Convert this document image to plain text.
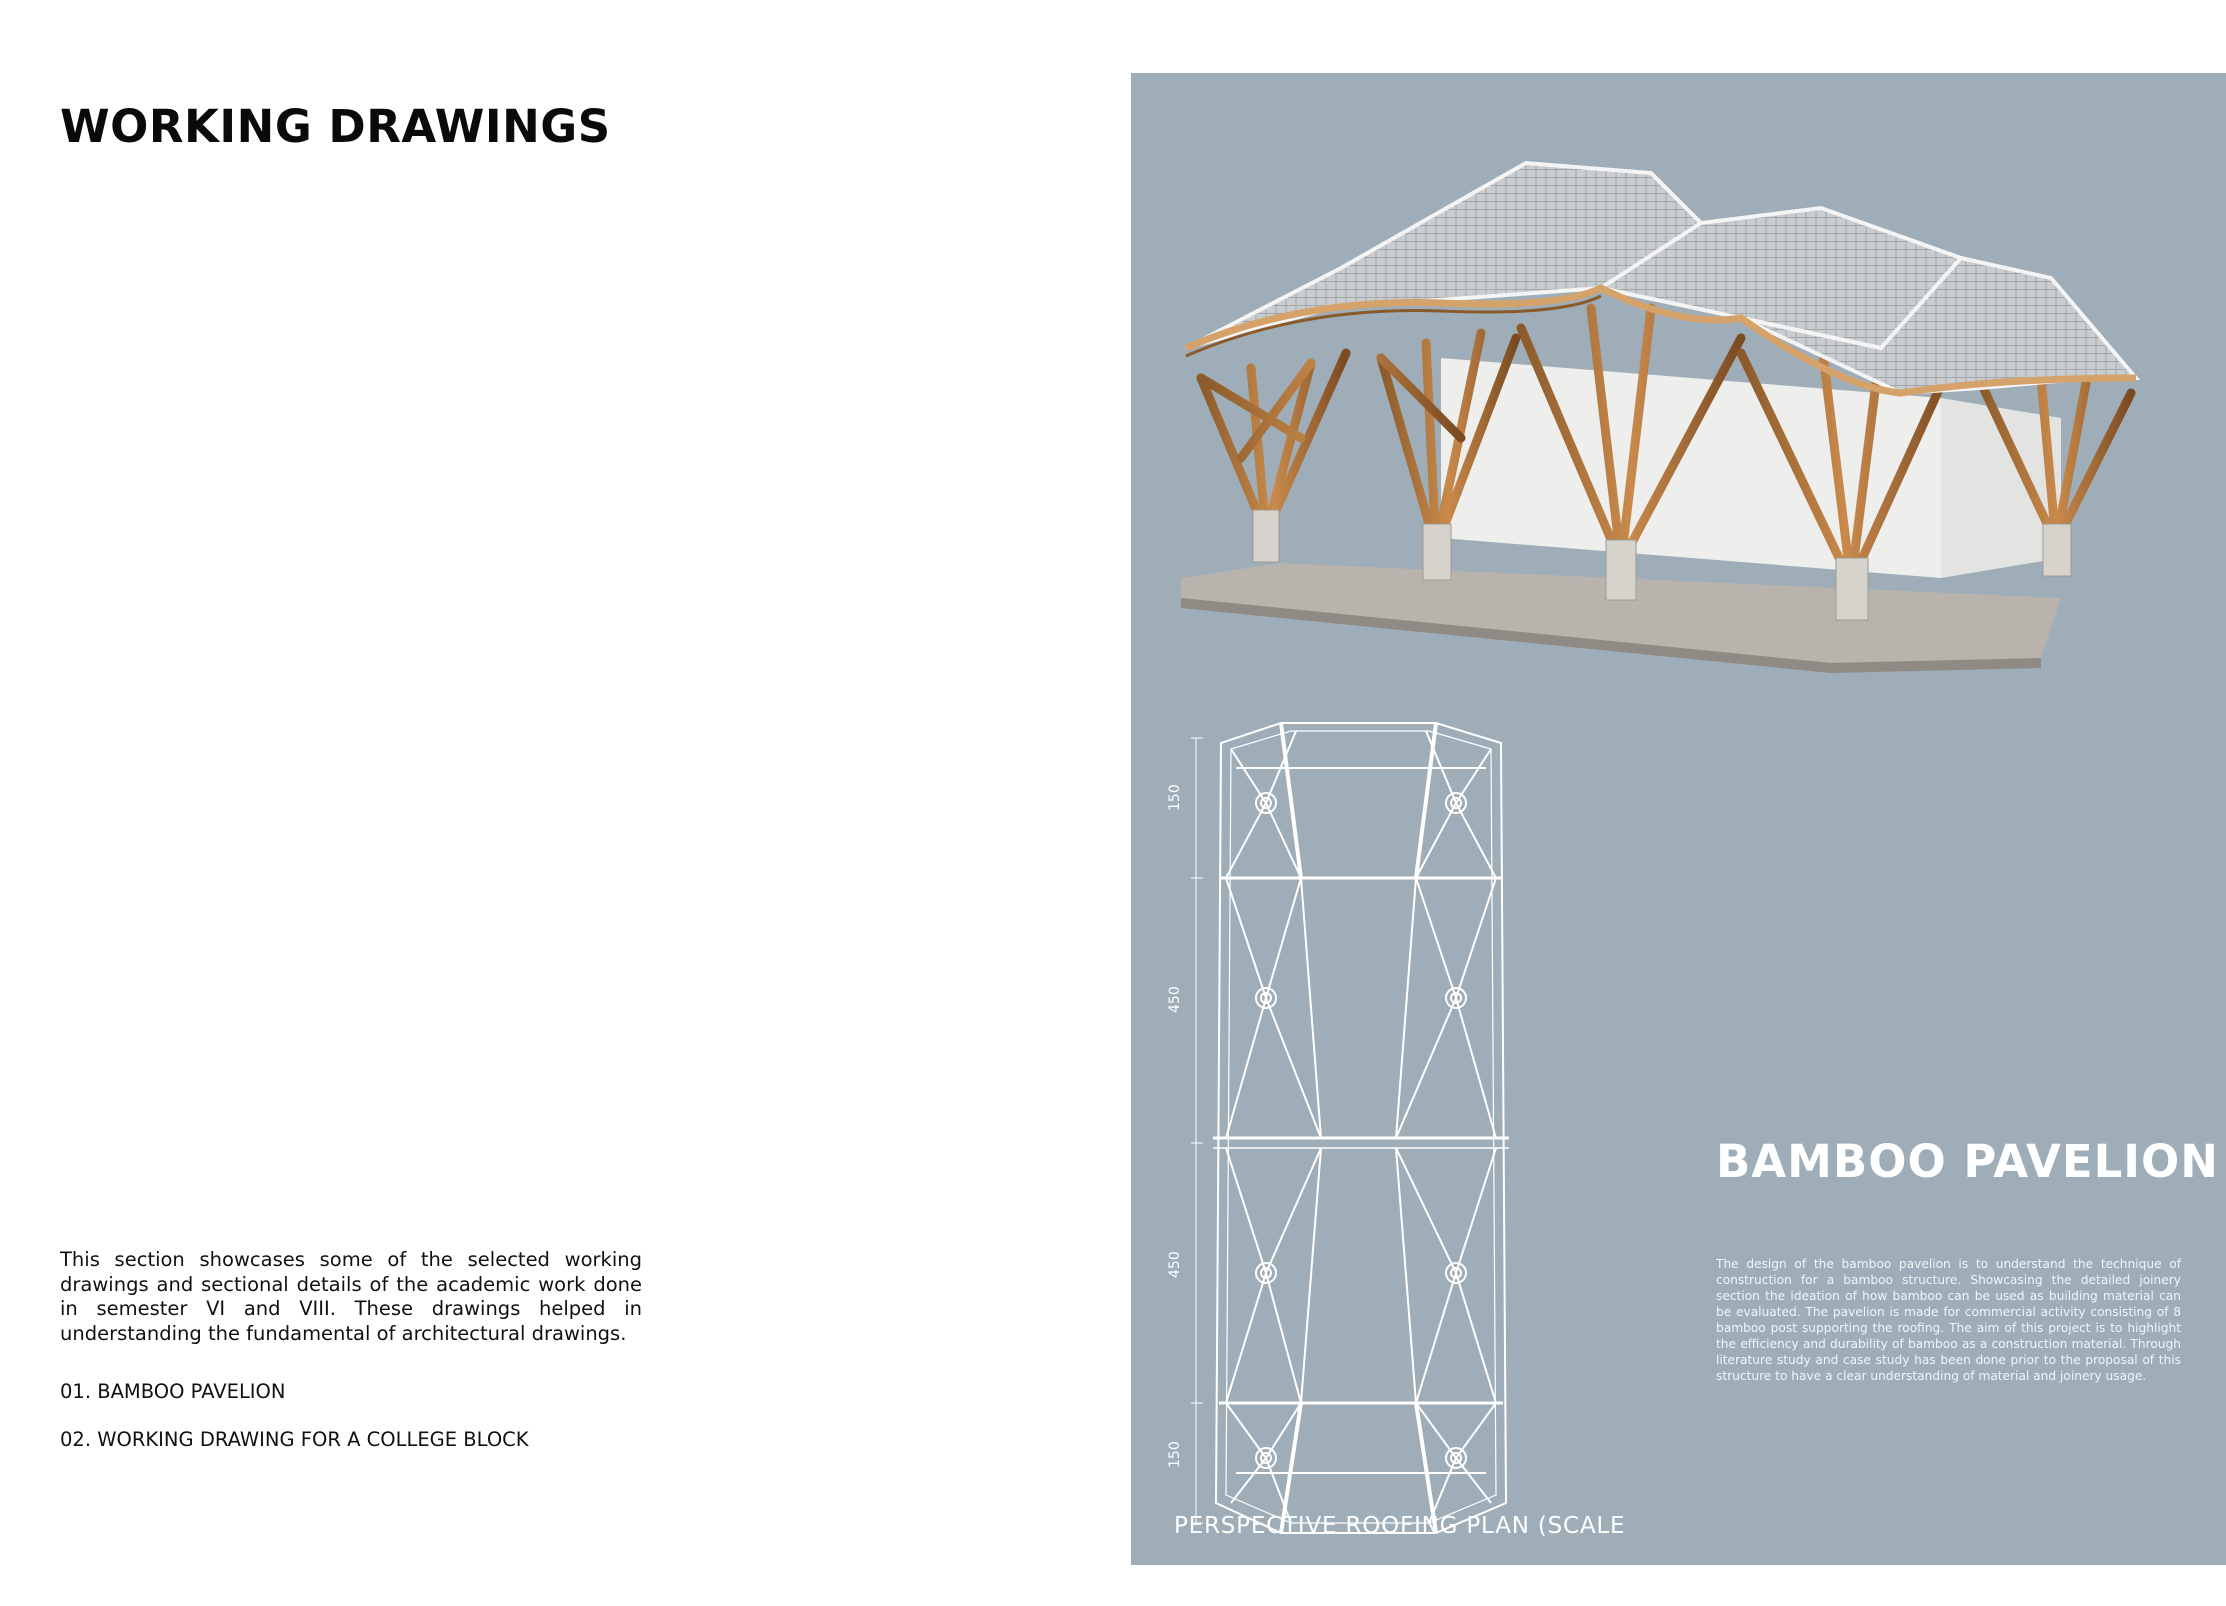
WORKING DRAWINGS
This section showcases some of the selected working drawings and sectional details of the academic work done in semester VI and VIII. These drawings helped in understanding the fundamental of architectural drawings.
01. BAMBOO PAVELION
02. WORKING DRAWING FOR A COLLEGE BLOCK
150
450
450
150
BAMBOO PAVELION
The design of the bamboo pavelion is to understand the technique of construction for a bamboo structure. Showcasing the detailed joinery section the ideation of how bamboo can be used as building material can be evaluated. The pavelion is made for commercial activity consisting of 8 bamboo post supporting the roofing. The aim of this project is to highlight the efficiency and durability of bamboo as a construction material. Through literature study and case study has been done prior to the proposal of this structure to have a clear understanding of material and joinery usage.
PERSPECTIVE ROOFING PLAN (SCALE
